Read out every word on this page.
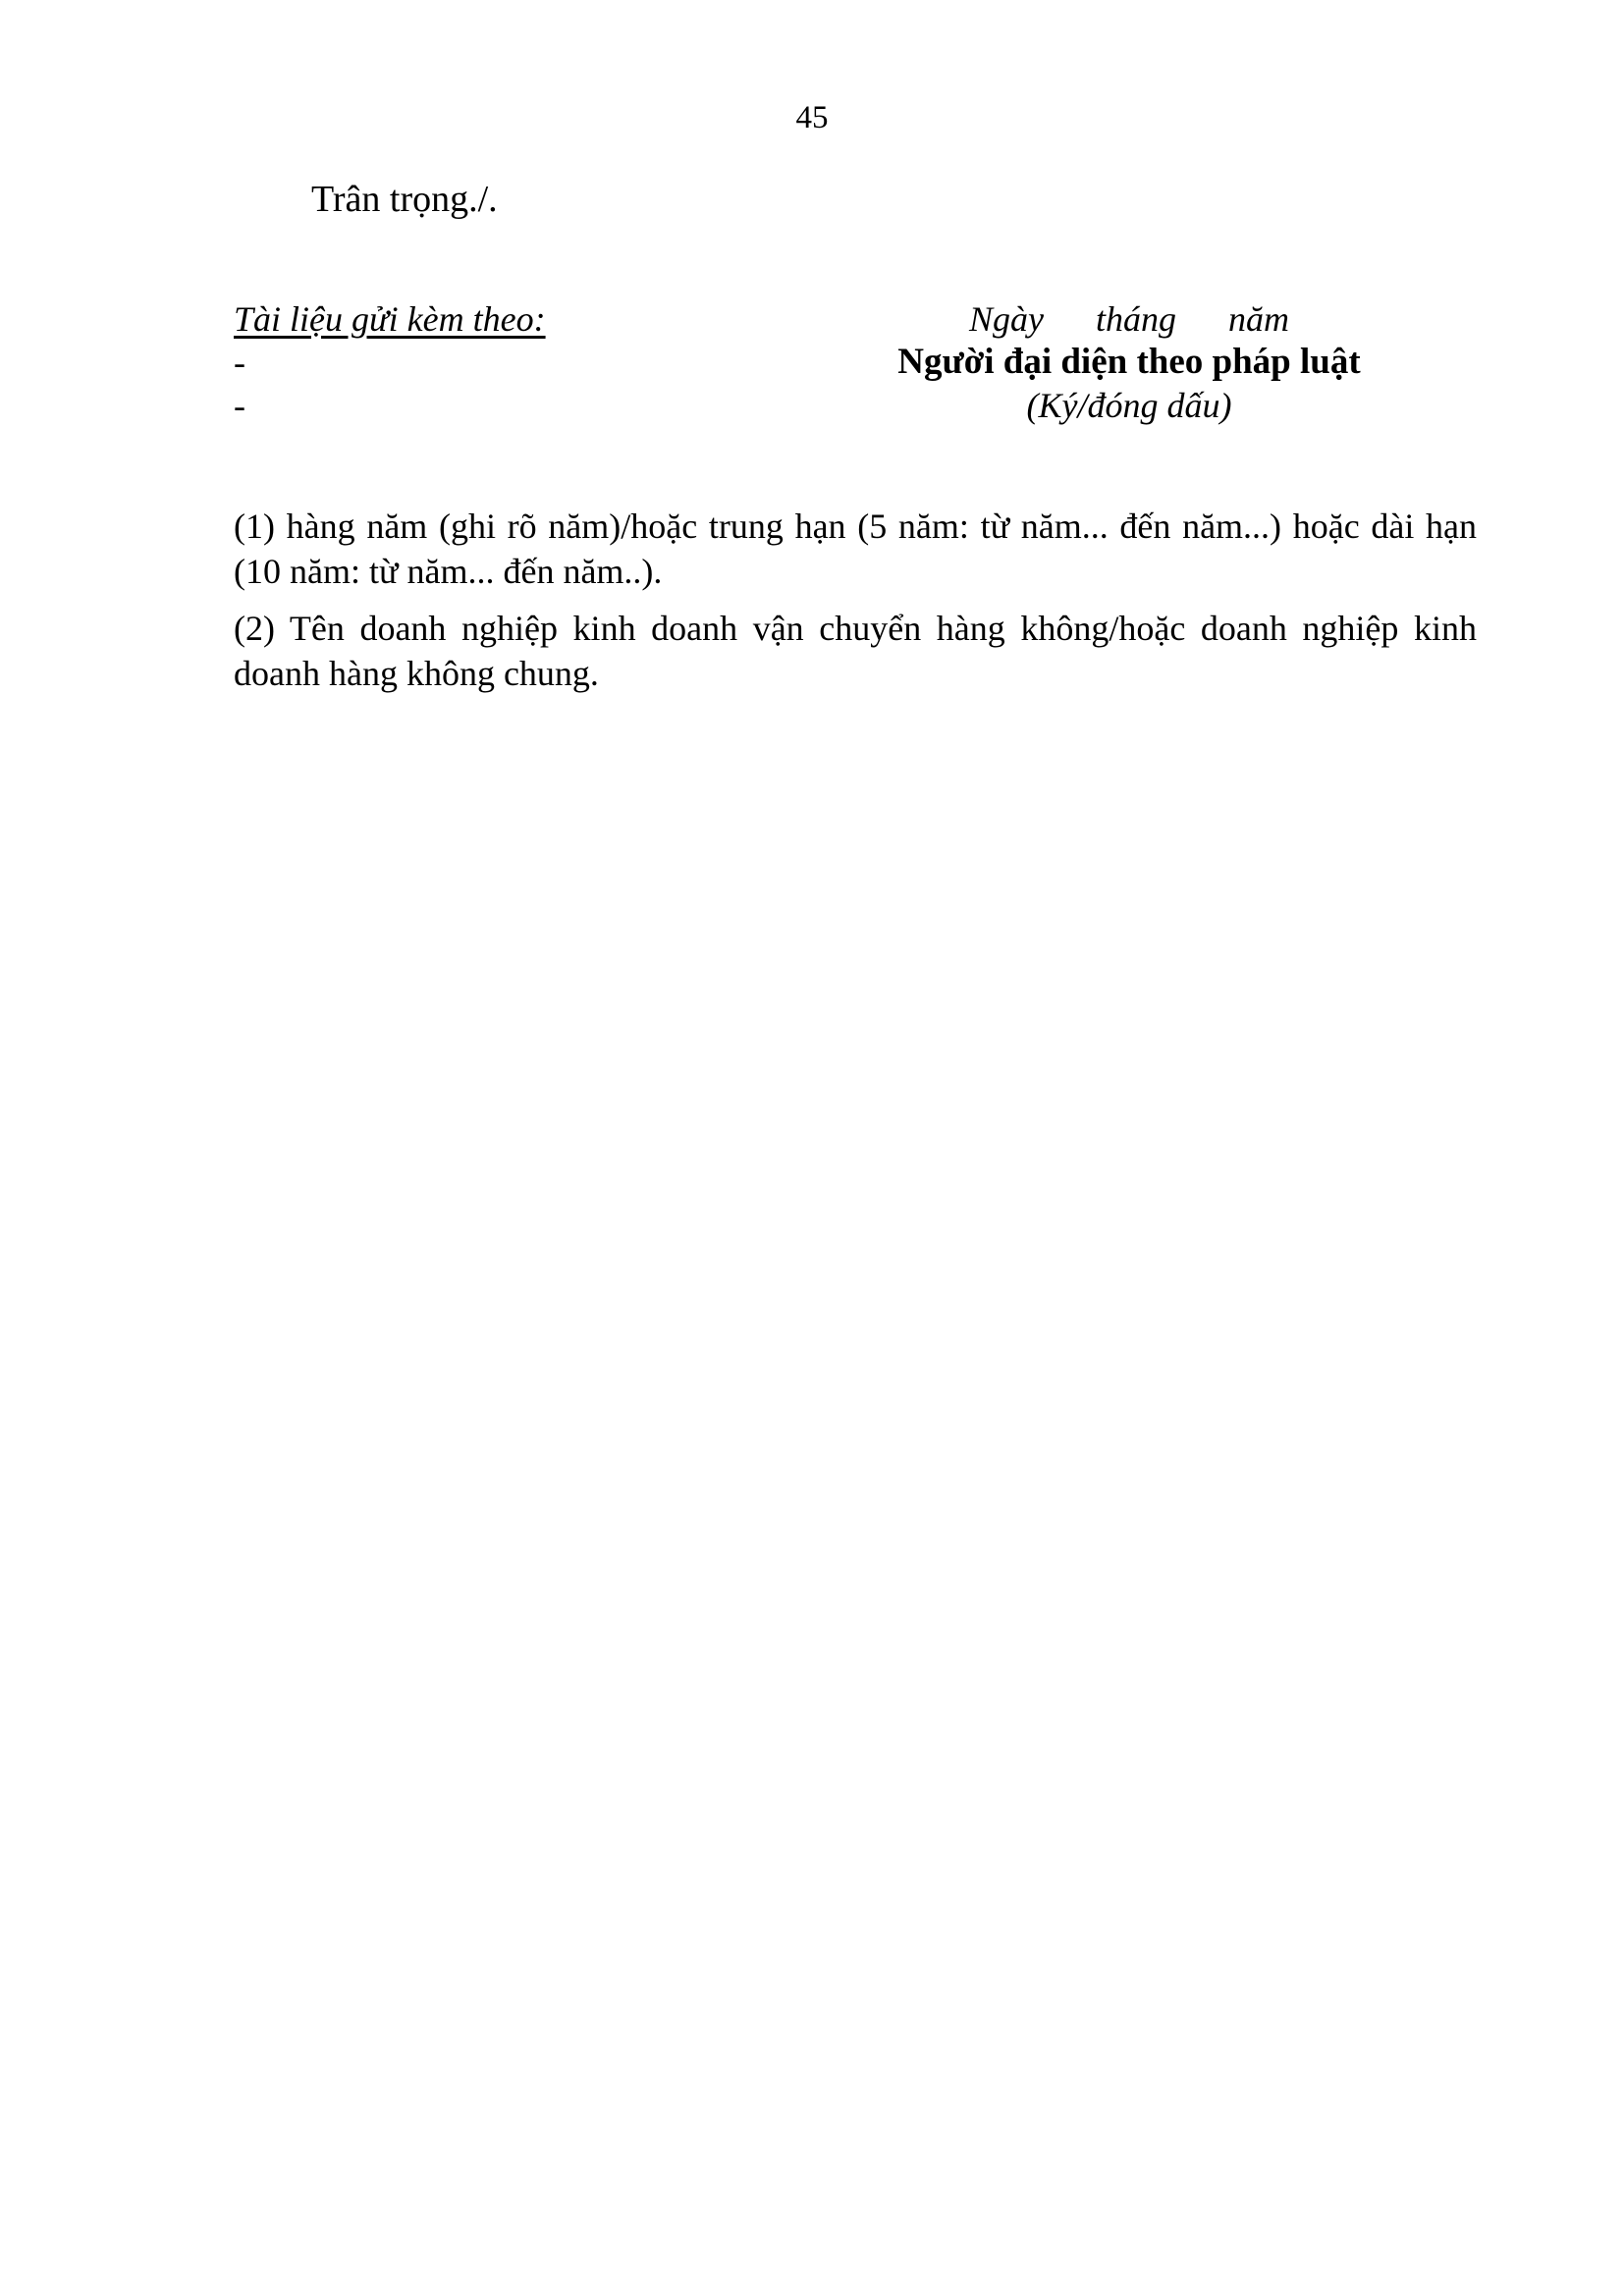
45
Trân trọng./.
Tài liệu gửi kèm theo:
-
-
Ngày tháng năm
Người đại diện theo pháp luật
(Ký/đóng dấu)

(1) hàng năm (ghi rõ năm)/hoặc trung hạn (5 năm: từ năm... đến năm...) hoặc dài hạn (10 năm: từ năm... đến năm..).

(2) Tên doanh nghiệp kinh doanh vận chuyển hàng không/hoặc doanh nghiệp kinh doanh hàng không chung.
